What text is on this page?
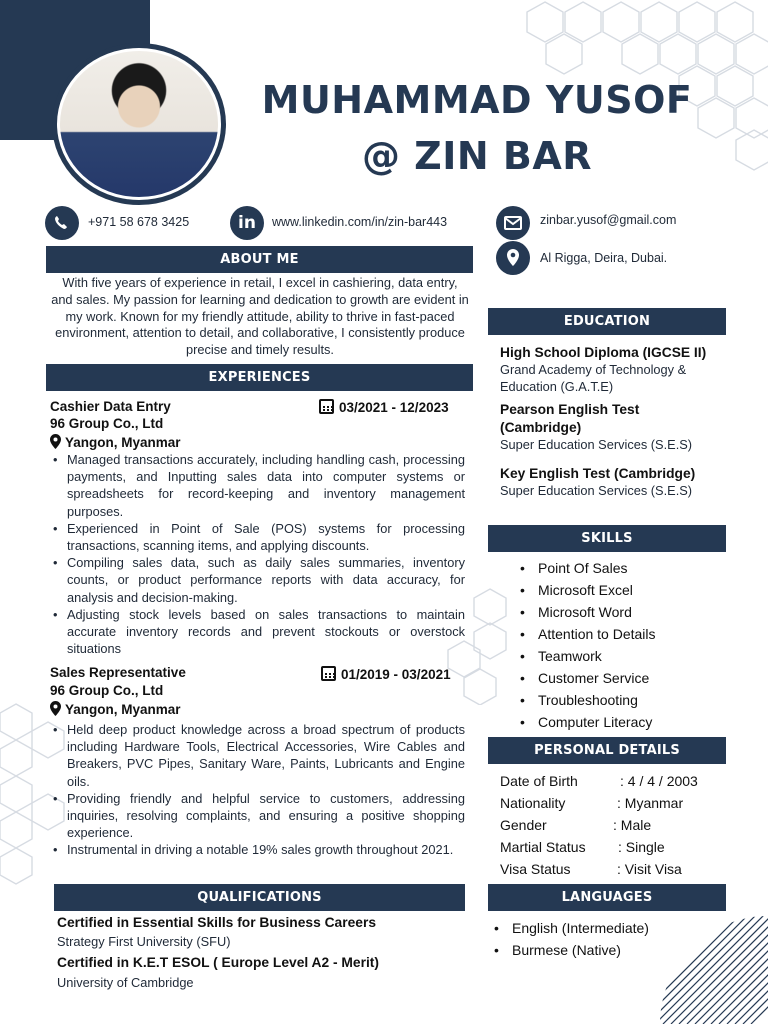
MUHAMMAD YUSOF
@ ZIN BAR
+971 58 678 3425	in	www.linkedin.com/in/zin-bar443	zinbar.yusof@gmail.com
Al Rigga, Deira, Dubai.
ABOUT ME
With five years of experience in retail, I excel in cashiering, data entry, and sales. My passion for learning and dedication to growth are evident in my work. Known for my friendly attitude, ability to thrive in fast-paced environment, attention to detail, and collaborative, I consistently produce precise and timely results.
EXPERIENCES
Cashier Data Entry	03/2021 - 12/2023
96 Group Co., Ltd
Yangon, Myanmar
• Managed transactions accurately, including handling cash, processing payments, and Inputting sales data into computer systems or spreadsheets for record-keeping and inventory management purposes.
• Experienced in Point of Sale (POS) systems for processing transactions, scanning items, and applying discounts.
• Compiling sales data, such as daily sales summaries, inventory counts, or product performance reports with data accuracy, for analysis and decision-making.
• Adjusting stock levels based on sales transactions to maintain accurate inventory records and prevent stockouts or overstock situations
Sales Representative	01/2019 - 03/2021
96 Group Co., Ltd
Yangon, Myanmar
• Held deep product knowledge across a broad spectrum of products including Hardware Tools, Electrical Accessories, Wire Cables and Breakers, PVC Pipes, Sanitary Ware, Paints, Lubricants and Engine oils.
• Providing friendly and helpful service to customers, addressing inquiries, resolving complaints, and ensuring a positive shopping experience.
• Instrumental in driving a notable 19% sales growth throughout 2021.
QUALIFICATIONS
Certified in Essential Skills for Business Careers
Strategy First University (SFU)
Certified in K.E.T ESOL ( Europe Level A2 - Merit)
University of Cambridge
EDUCATION
High School Diploma (IGCSE II)
Grand Academy of Technology & Education (G.A.T.E)
Pearson English Test (Cambridge)
Super Education Services (S.E.S)
Key English Test (Cambridge)
Super Education Services (S.E.S)
SKILLS
• Point Of Sales
• Microsoft Excel
• Microsoft Word
• Attention to Details
• Teamwork
• Customer Service
• Troubleshooting
• Computer Literacy
PERSONAL DETAILS
Date of Birth	: 4 / 4 / 2003
Nationality	: Myanmar
Gender	: Male
Martial Status : Single
Visa Status	: Visit Visa
LANGUAGES
• English (Intermediate)
• Burmese (Native)
